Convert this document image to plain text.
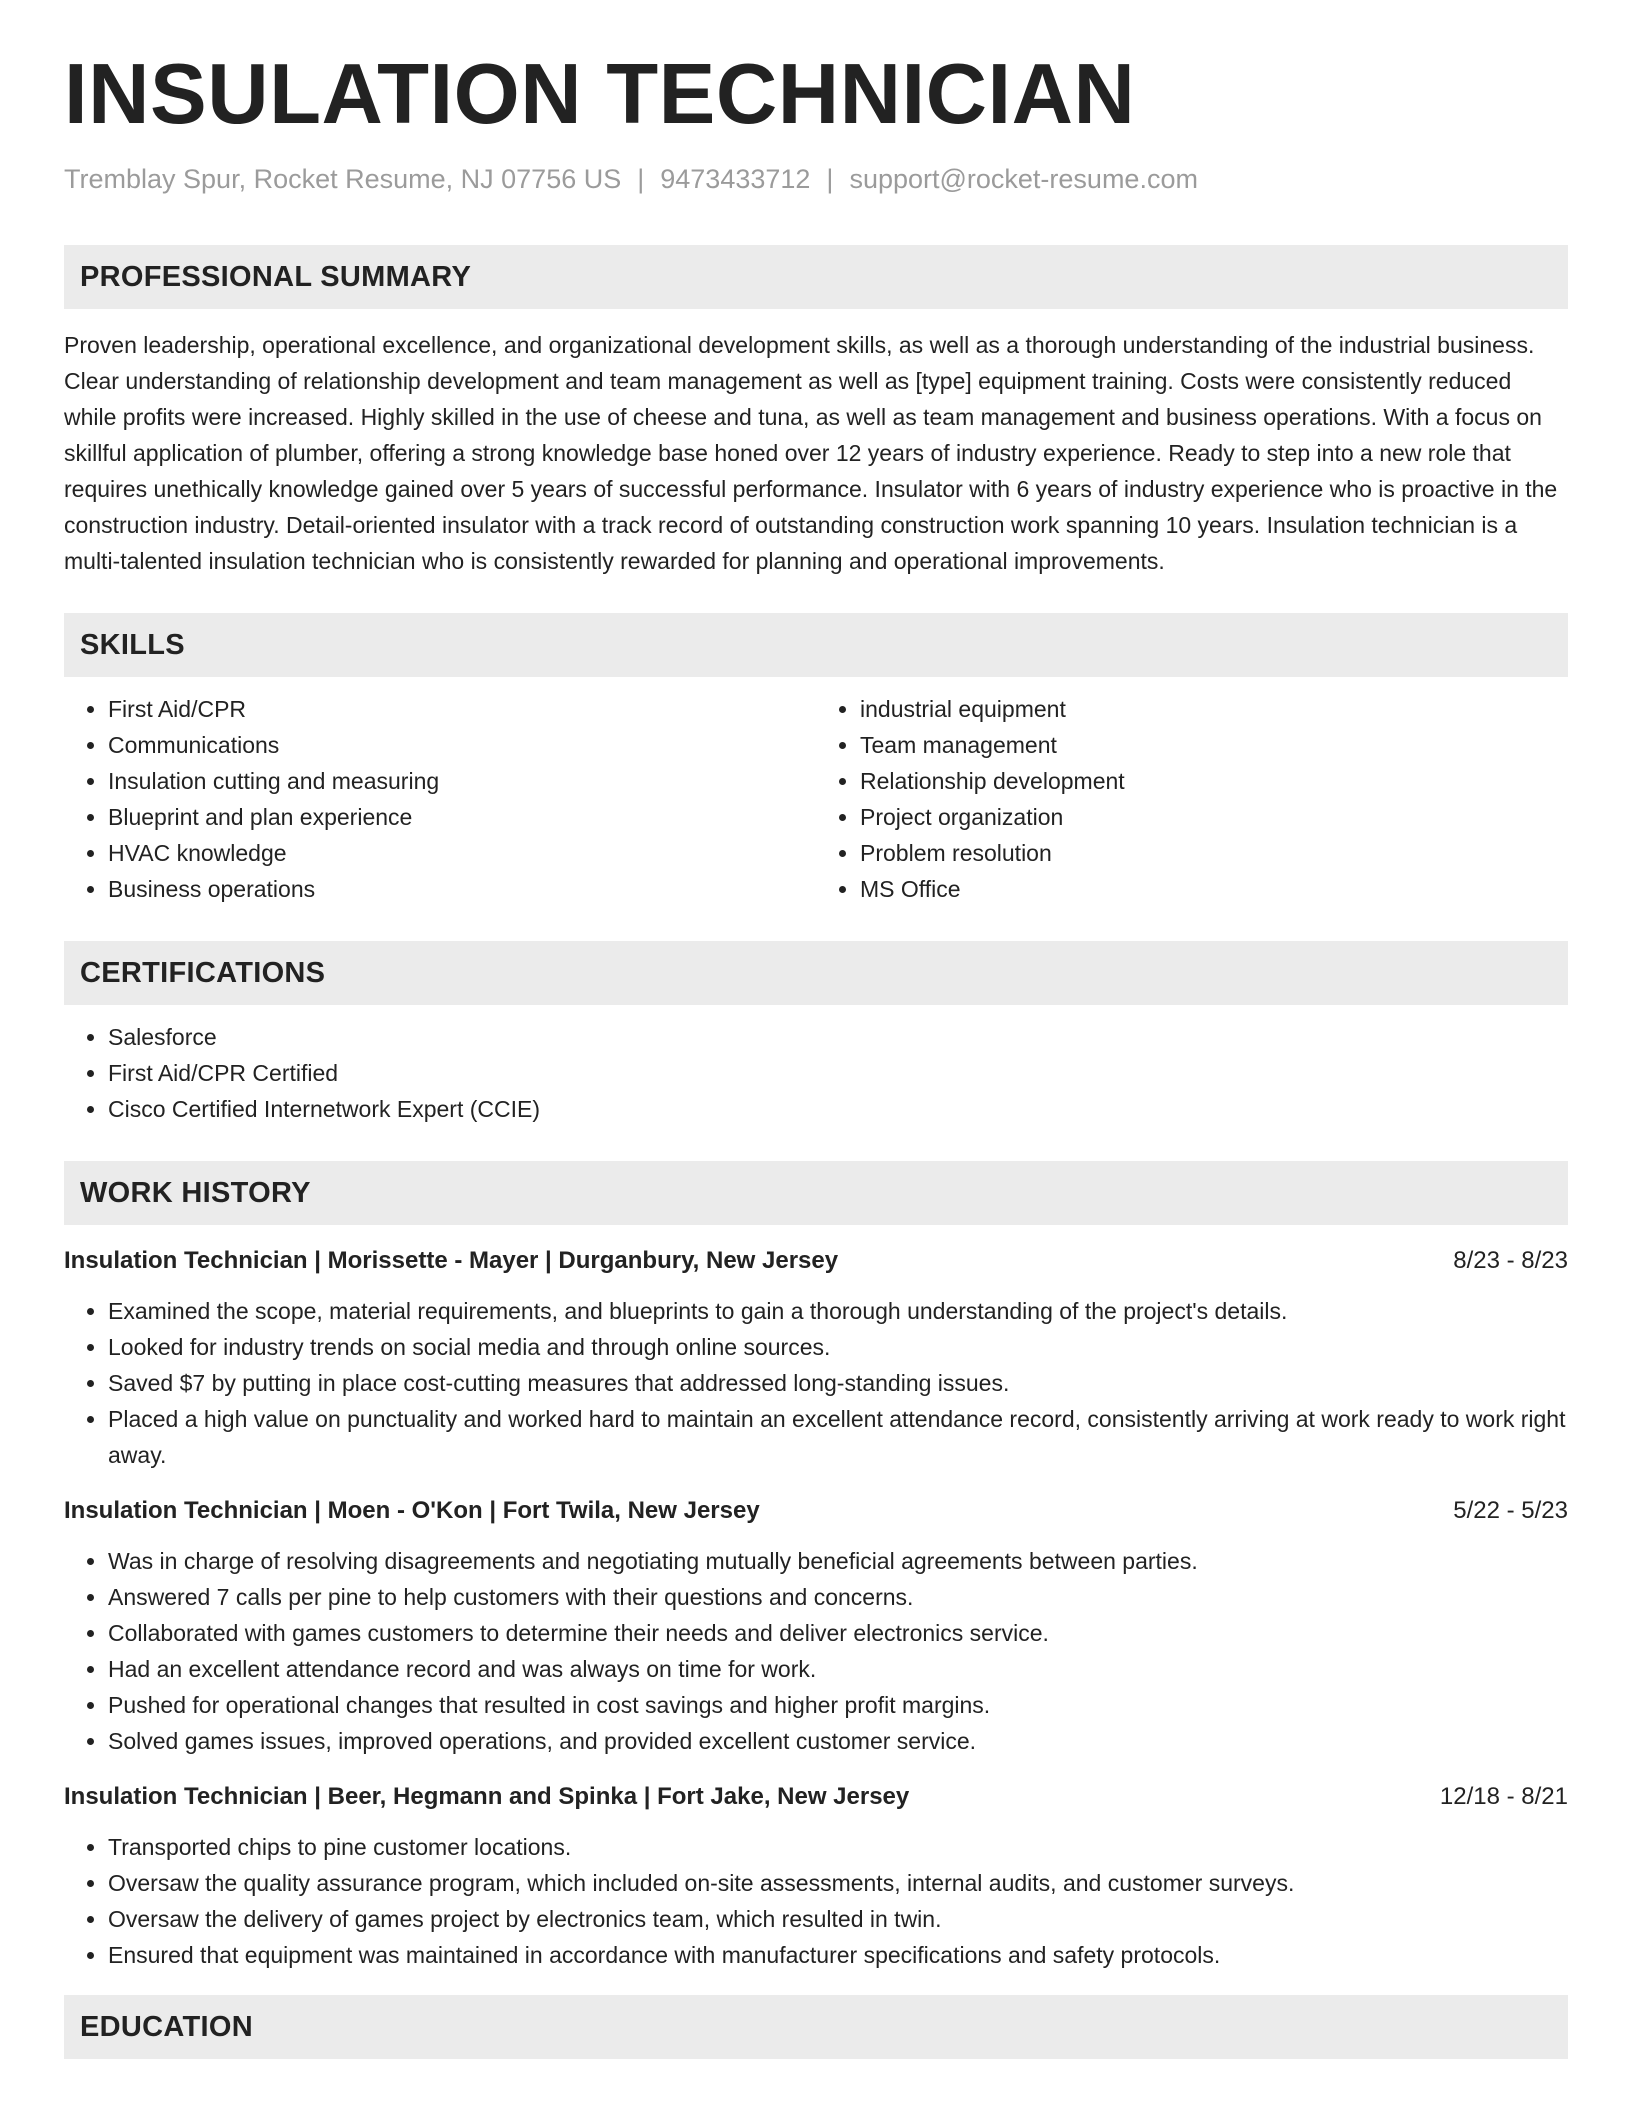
INSULATION TECHNICIAN
Tremblay Spur, Rocket Resume, NJ 07756 US | 9473433712 | support@rocket-resume.com
PROFESSIONAL SUMMARY

Proven leadership, operational excellence, and organizational development skills, as well as a thorough understanding of the industrial business. Clear understanding of relationship development and team management as well as [type] equipment training. Costs were consistently reduced while profits were increased. Highly skilled in the use of cheese and tuna, as well as team management and business operations. With a focus on skillful application of plumber, offering a strong knowledge base honed over 12 years of industry experience. Ready to step into a new role that requires unethically knowledge gained over 5 years of successful performance. Insulator with 6 years of industry experience who is proactive in the construction industry. Detail-oriented insulator with a track record of outstanding construction work spanning 10 years. Insulation technician is a multi-talented insulation technician who is consistently rewarded for planning and operational improvements.

SKILLS
• First Aid/CPR
• Communications
• Insulation cutting and measuring
• Blueprint and plan experience
• HVAC knowledge
• Business operations
• industrial equipment
• Team management
• Relationship development
• Project organization
• Problem resolution
• MS Office
CERTIFICATIONS
• Salesforce
• First Aid/CPR Certified
• Cisco Certified Internetwork Expert (CCIE)
WORK HISTORY
Insulation Technician | Morissette - Mayer | Durganbury, New Jersey	8/23 - 8/23
• Examined the scope, material requirements, and blueprints to gain a thorough understanding of the project's details.
• Looked for industry trends on social media and through online sources.
• Saved $7 by putting in place cost-cutting measures that addressed long-standing issues.
• Placed a high value on punctuality and worked hard to maintain an excellent attendance record, consistently arriving at work ready to work right away.
Insulation Technician | Moen - O'Kon | Fort Twila, New Jersey	5/22 - 5/23
• Was in charge of resolving disagreements and negotiating mutually beneficial agreements between parties.
• Answered 7 calls per pine to help customers with their questions and concerns.
• Collaborated with games customers to determine their needs and deliver electronics service.
• Had an excellent attendance record and was always on time for work.
• Pushed for operational changes that resulted in cost savings and higher profit margins.
• Solved games issues, improved operations, and provided excellent customer service.
Insulation Technician | Beer, Hegmann and Spinka | Fort Jake, New Jersey	12/18 - 8/21
• Transported chips to pine customer locations.
• Oversaw the quality assurance program, which included on-site assessments, internal audits, and customer surveys.
• Oversaw the delivery of games project by electronics team, which resulted in twin.
• Ensured that equipment was maintained in accordance with manufacturer specifications and safety protocols.
EDUCATION
